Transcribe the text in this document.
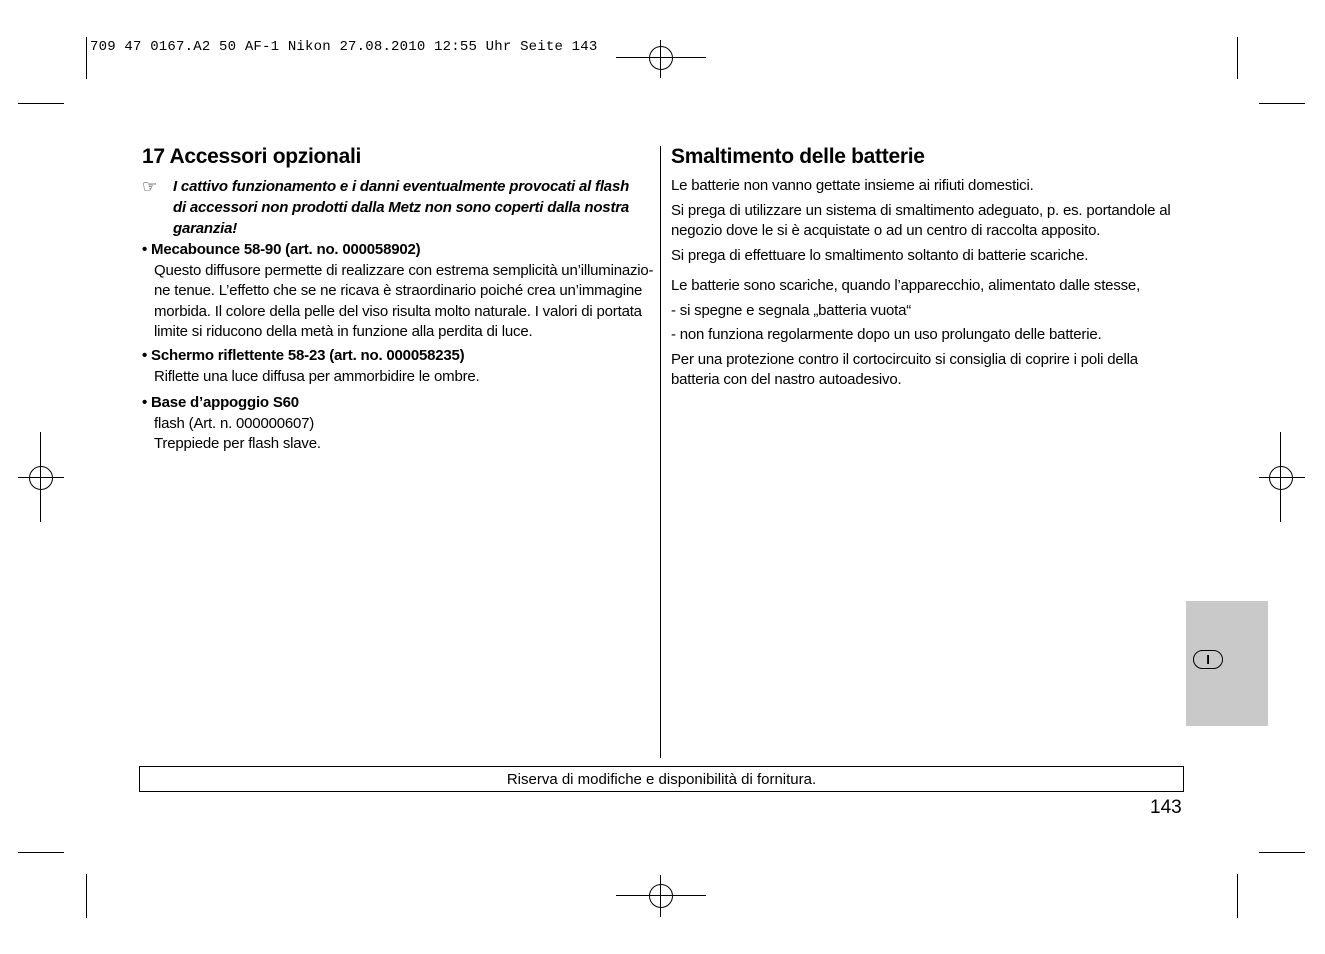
709 47 0167.A2 50 AF-1 Nikon 27.08.2010 12:55 Uhr Seite 143
17 Accessori opzionali
☞	I cattivo funzionamento e i danni eventualmente provocati al flash

di accessori non prodotti dalla Metz non sono coperti dalla nostra

garanzia!

• Mecabounce 58-90 (art. no. 000058902)

Questo diffusore permette di realizzare con estrema semplicità un’illuminazio-

ne tenue. L’effetto che se ne ricava è straordinario poiché crea un’immagine

morbida. Il colore della pelle del viso risulta molto naturale. I valori di portata

limite si riducono della metà in funzione alla perdita di luce.

• Schermo riflettente 58-23 (art. no. 000058235)

Riflette una luce diffusa per ammorbidire le ombre.

• Base d’appoggio S60

flash (Art. n. 000000607)

Treppiede per flash slave.

Smaltimento delle batterie

Le batterie non vanno gettate insieme ai rifiuti domestici.

Si prega di utilizzare un sistema di smaltimento adeguato, p. es. portandole al

negozio dove le si è acquistate o ad un centro di raccolta apposito.

Si prega di effettuare lo smaltimento soltanto di batterie scariche.

Le batterie sono scariche, quando l’apparecchio, alimentato dalle stesse,

- si spegne e segnala „batteria vuota“

- non funziona regolarmente dopo un uso prolungato delle batterie.

Per una protezione contro il cortocircuito si consiglia di coprire i poli della

batteria con del nastro autoadesivo.

I
Riserva di modifiche e disponibilità di fornitura.
143
